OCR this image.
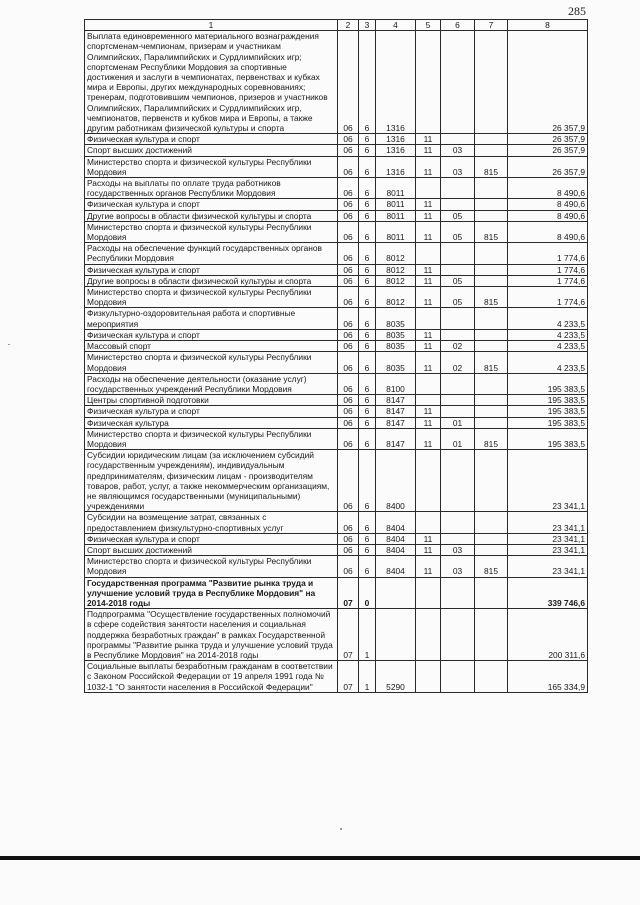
285
1	2	3	4	5	6	7	8
Выплата единовременного материального вознаграждения спортсменам-чемпионам, призерам и участникам Олимпийских, Паралимпийских и Сурдлимпийских игр; спортсменам Республики Мордовия за спортивные достижения и заслуги в чемпионатах, первенствах и кубках мира и Европы, других международных соревнованиях; тренерам, подготовившим чемпионов, призеров и участников Олимпийских, Паралимпийских и Сурдлимпийских игр, чемпионатов, первенств и кубков мира и Европы, а также другим работникам физической культуры и спорта	06	6	1316				26 357,9
Физическая культура и спорт	06	6	1316	11			26 357,9
Спорт высших достижений	06	6	1316	11	03		26 357,9
Министерство спорта и физической культуры Республики Мордовия	06	6	1316	11	03	815	26 357,9
Расходы на выплаты по оплате труда работников государственных органов Республики Мордовия	06	6	8011				8 490,6
Физическая культура и спорт	06	6	8011	11			8 490,6
Другие вопросы в области физической культуры и спорта	06	6	8011	11	05		8 490,6
Министерство спорта и физической культуры Республики Мордовия	06	6	8011	11	05	815	8 490,6
Расходы на обеспечение функций государственных органов Республики Мордовия	06	6	8012				1 774,6
Физическая культура и спорт	06	6	8012	11			1 774,6
Другие вопросы в области физической культуры и спорта	06	6	8012	11	05		1 774,6
Министерство спорта и физической культуры Республики Мордовия	06	6	8012	11	05	815	1 774,6
Физкультурно-оздоровительная работа и спортивные мероприятия	06	6	8035				4 233,5
Физическая культура и спорт	06	6	8035	11			4 233,5
Массовый спорт	06	6	8035	11	02		4 233,5
Министерство спорта и физической культуры Республики Мордовия	06	6	8035	11	02	815	4 233,5
Расходы на обеспечение деятельности (оказание услуг) государственных учреждений Республики Мордовия	06	6	8100				195 383,5
Центры спортивной подготовки	06	6	8147				195 383,5
Физическая культура и спорт	06	6	8147	11			195 383,5
Физическая культура	06	6	8147	11	01		195 383,5
Министерство спорта и физической культуры Республики Мордовия	06	6	8147	11	01	815	195 383,5
Субсидии юридическим лицам (за исключением субсидий государственным учреждениям), индивидуальным предпринимателям, физическим лицам - производителям товаров, работ, услуг, а также некоммерческим организациям, не являющимся государственными (муниципальными) учреждениями	06	6	8400				23 341,1
Субсидии на возмещение затрат, связанных с предоставлением физкультурно-спортивных услуг	06	6	8404				23 341,1
Физическая культура и спорт	06	6	8404	11			23 341,1
Спорт высших достижений	06	6	8404	11	03		23 341,1
Министерство спорта и физической культуры Республики Мордовия	06	6	8404	11	03	815	23 341,1
Государственная программа "Развитие рынка труда и улучшение условий труда в Республике Мордовия" на 2014-2018 годы	07	0					339 746,6
Подпрограмма "Осуществление государственных полномочий в сфере содействия занятости населения и социальная поддержка безработных граждан" в рамках Государственной программы "Развитие рынка труда и улучшение условий труда в Республике Мордовия" на 2014-2018 годы	07	1					200 311,6
Социальные выплаты безработным гражданам в соответствии с Законом Российской Федерации от 19 апреля 1991 года № 1032-1 "О занятости населения в Российской Федерации"	07	1	5290				165 334,9
